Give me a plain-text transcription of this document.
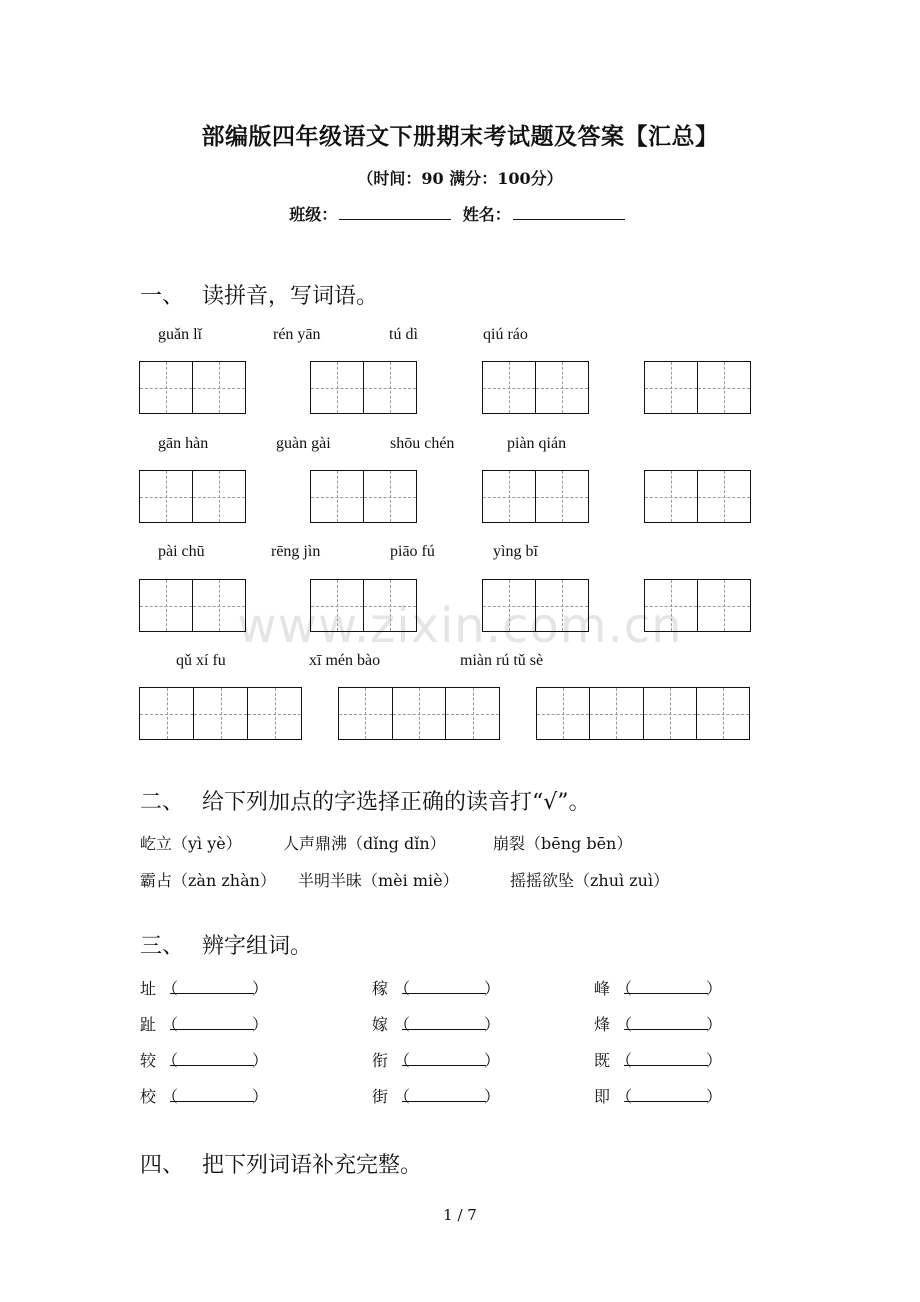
部编版四年级语文下册期末考试题及答案【汇总】
（时间：90 满分：100分）
班级：	姓名：
www.zixin.com.cn
一、 读拼音，写词语。
guǎn lǐ	rén yān	tú dì	qiú ráo
gān hàn	guàn gài	shōu chén	piàn qián
pài chū	rēng jìn	piāo fú	yìng bī
qǔ xí fu	xī mén bào	miàn rú tǔ sè
二、 给下列加点的字选择正确的读音打“√”。
屹立（yì yè）	人声鼎沸（dǐng dǐn）	崩裂（bēng bēn）
霸占（zàn zhàn） 半明半昧（mèi miè）	摇摇欲坠（zhuì zuì）
三、 辨字组词。
址 （	）	稼 （	）	峰 （	）
趾 （	）	嫁 （	）	烽 （	）
较 （	）	衔 （	）	既 （	）
校 （	）	街 （	）	即 （	）
四、 把下列词语补充完整。
1 / 7
